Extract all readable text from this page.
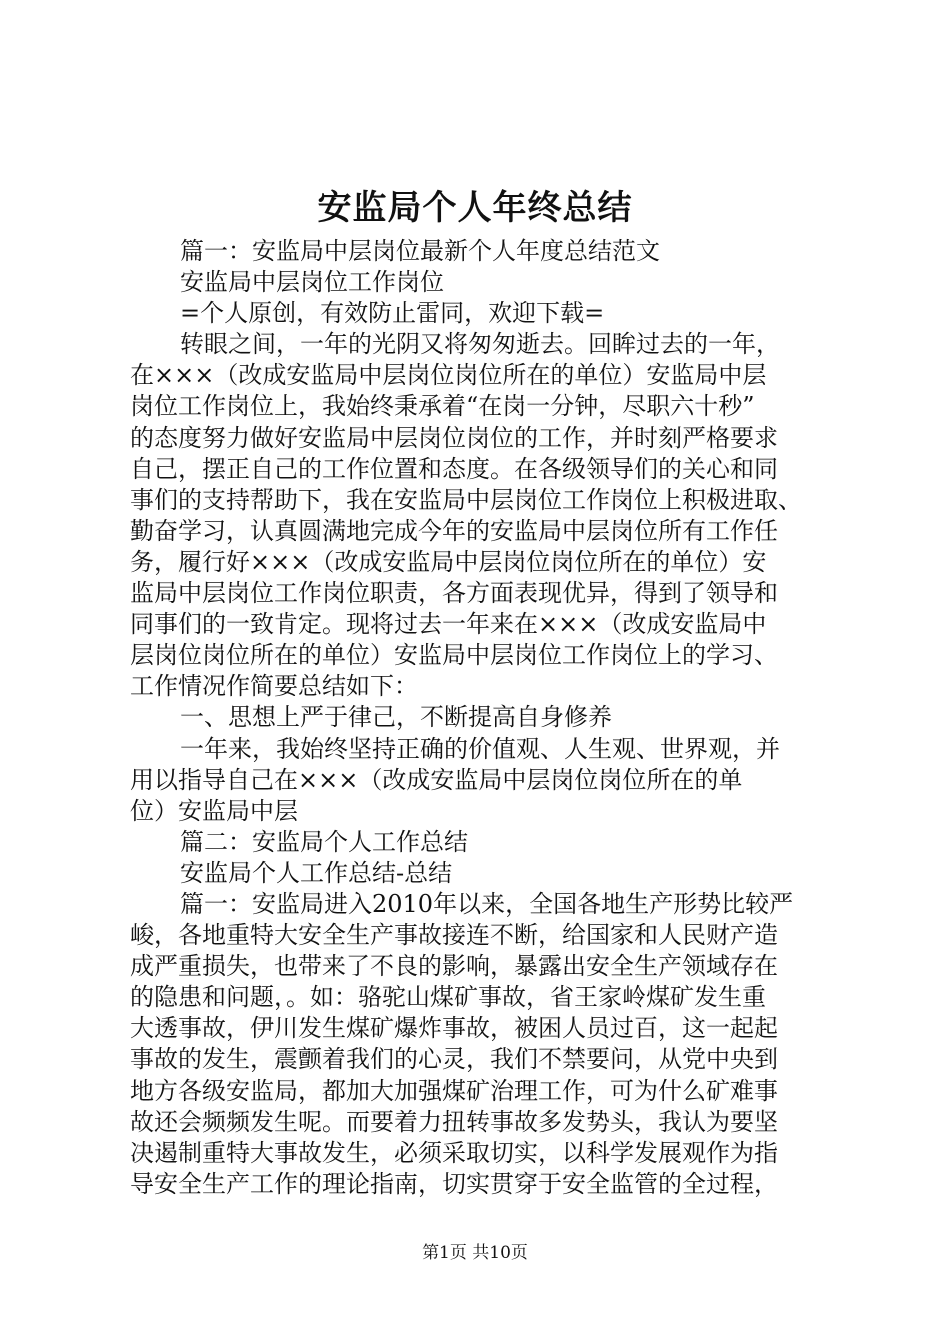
安监局个人年终总结
篇一：安监局中层岗位最新个人年度总结范文
安监局中层岗位工作岗位
=个人原创，有效防止雷同，欢迎下载=
转眼之间，一年的光阴又将匆匆逝去。回眸过去的一年，
在×××（改成安监局中层岗位岗位所在的单位）安监局中层
岗位工作岗位上，我始终秉承着“在岗一分钟，尽职六十秒”
的态度努力做好安监局中层岗位岗位的工作，并时刻严格要求
自己，摆正自己的工作位置和态度。在各级领导们的关心和同
事们的支持帮助下，我在安监局中层岗位工作岗位上积极进取、
勤奋学习，认真圆满地完成今年的安监局中层岗位所有工作任
务，履行好×××（改成安监局中层岗位岗位所在的单位）安
监局中层岗位工作岗位职责，各方面表现优异，得到了领导和
同事们的一致肯定。现将过去一年来在×××（改成安监局中
层岗位岗位所在的单位）安监局中层岗位工作岗位上的学习、
工作情况作简要总结如下：
一、思想上严于律己，不断提高自身修养
一年来，我始终坚持正确的价值观、人生观、世界观，并
用以指导自己在×××（改成安监局中层岗位岗位所在的单
位）安监局中层
篇二：安监局个人工作总结
安监局个人工作总结-总结
篇一：安监局进入2010年以来，全国各地生产形势比较严
峻，各地重特大安全生产事故接连不断，给国家和人民财产造
成严重损失，也带来了不良的影响，暴露出安全生产领域存在
的隐患和问题，。如：骆驼山煤矿事故，省王家岭煤矿发生重
大透事故，伊川发生煤矿爆炸事故，被困人员过百，这一起起
事故的发生，震颤着我们的心灵，我们不禁要问，从党中央到
地方各级安监局，都加大加强煤矿治理工作，可为什么矿难事
故还会频频发生呢。而要着力扭转事故多发势头，我认为要坚
决遏制重特大事故发生，必须采取切实，以科学发展观作为指
导安全生产工作的理论指南，切实贯穿于安全监管的全过程，
第1页 共10页
